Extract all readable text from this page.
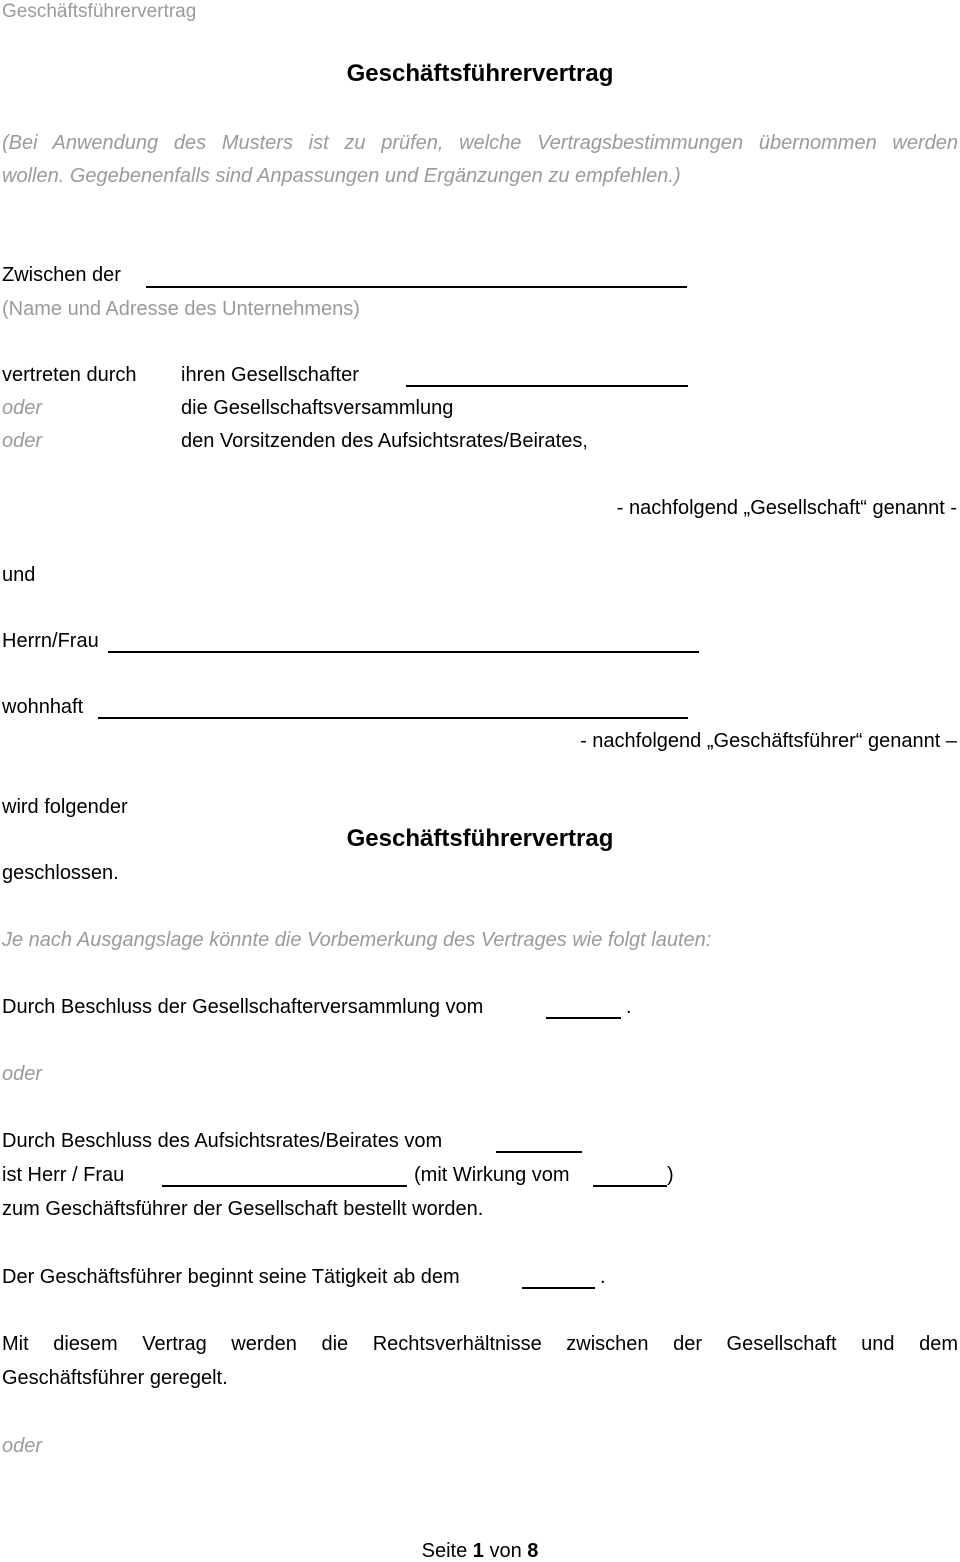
Geschäftsführervertrag
Geschäftsführervertrag
(Bei Anwendung des Musters ist zu prüfen, welche Vertragsbestimmungen übernommen werden
wollen. Gegebenenfalls sind Anpassungen und Ergänzungen zu empfehlen.)
Zwischen der
(Name und Adresse des Unternehmens)
vertreten durch ihren Gesellschafter
oder	die Gesellschaftsversammlung
oder	den Vorsitzenden des Aufsichtsrates/Beirates,
- nachfolgend „Gesellschaft“ genannt -
und
Herrn/Frau
wohnhaft
- nachfolgend „Geschäftsführer“ genannt –
wird folgender
Geschäftsführervertrag
geschlossen.
Je nach Ausgangslage könnte die Vorbemerkung des Vertrages wie folgt lauten:
Durch Beschluss der Gesellschafterversammlung vom	.
oder
Durch Beschluss des Aufsichtsrates/Beirates vom
ist Herr / Frau	(mit Wirkung vom	)
zum Geschäftsführer der Gesellschaft bestellt worden.
Der Geschäftsführer beginnt seine Tätigkeit ab dem	.
Mit diesem Vertrag werden die Rechtsverhältnisse zwischen der Gesellschaft und dem
Geschäftsführer geregelt.
oder
Seite 1 von 8
